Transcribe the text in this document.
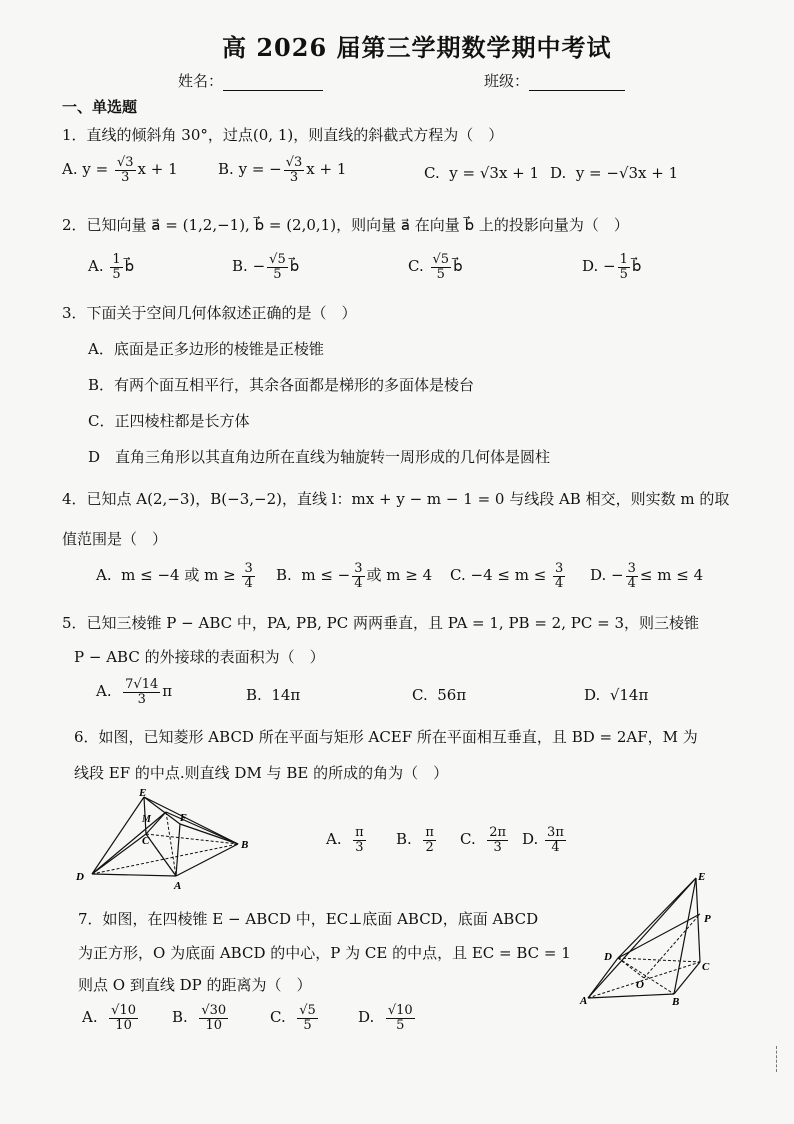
高 2026 届第三学期数学期中考试
姓名：	班级：
一、单选题
1．直线的倾斜角 30°，过点(0, 1)，则直线的斜截式方程为（　）
A. $y = \frac{√3}{3}$ x + 1	B. y = − $\frac{√3}{3}$ x + 1	C. y = √3x + 1 D. y = −√3x + 1
2．已知向量 a⃗ = (1,2,−1), b⃗ = (2,0,1)，则向量 a⃗ 在向量 b⃗ 上的投影向量为（　）
A. $\frac{1}{5}$ b⃗	B. − $\frac{√5}{5}$ b⃗	C. $\frac{√5}{5}$ b⃗	D. − $\frac{1}{5}$ b⃗
3．下面关于空间几何体叙述正确的是（　）
A．底面是正多边形的棱锥是正棱锥
B．有两个面互相平行，其余各面都是梯形的多面体是棱台
C．正四棱柱都是长方体
D　直角三角形以其直角边所在直线为轴旋转一周形成的几何体是圆柱
4．已知点 A(2,−3)，B(−3,−2)，直线 l：mx + y − m − 1 = 0 与线段 AB 相交，则实数 m 的取
值范围是（　）
A. m ≤ −4 或 $m \ge \frac{3}{4} B$. m ≤ − $\frac{3}{4}$ 或 m ≥ 4 C. $-4 \le m \le \frac{3}{4} D$. − $\frac{3}{4} \le m \le 4$
5．已知三棱锥 P − ABC 中，PA, PB, PC 两两垂直，且 PA = 1, PB = 2, PC = 3，则三棱锥
P − ABC 的外接球的表面积为（　）
A. $\frac{7√14}{3}$ π	B. 14π	C. 56π	D. √14π
6．如图，已知菱形 ABCD 所在平面与矩形 ACEF 所在平面相互垂直，且 BD = 2AF，M 为
线段 EF 的中点.则直线 DM 与 BE 的所成的角为（　）
E
F
M
C	B
D
A
A. $\frac{\pi}{3} B$. $\frac{\pi}{2} C$. $\frac{2\pi}{3} D$. $\frac{3\pi}{4}$
7．如图，在四棱锥 E − ABCD 中，EC⊥底面 ABCD，底面 ABCD
为正方形，O 为底面 ABCD 的中心，P 为 CE 的中点，且 EC = BC = 1
则点 O 到直线 DP 的距离为（　）
E
P
D
C
O
A	B
A. $\frac{√10}{10} B$. $\frac{√30}{10}$	C. $\frac{√5}{5}$	D. $\frac{√10}{5}$
